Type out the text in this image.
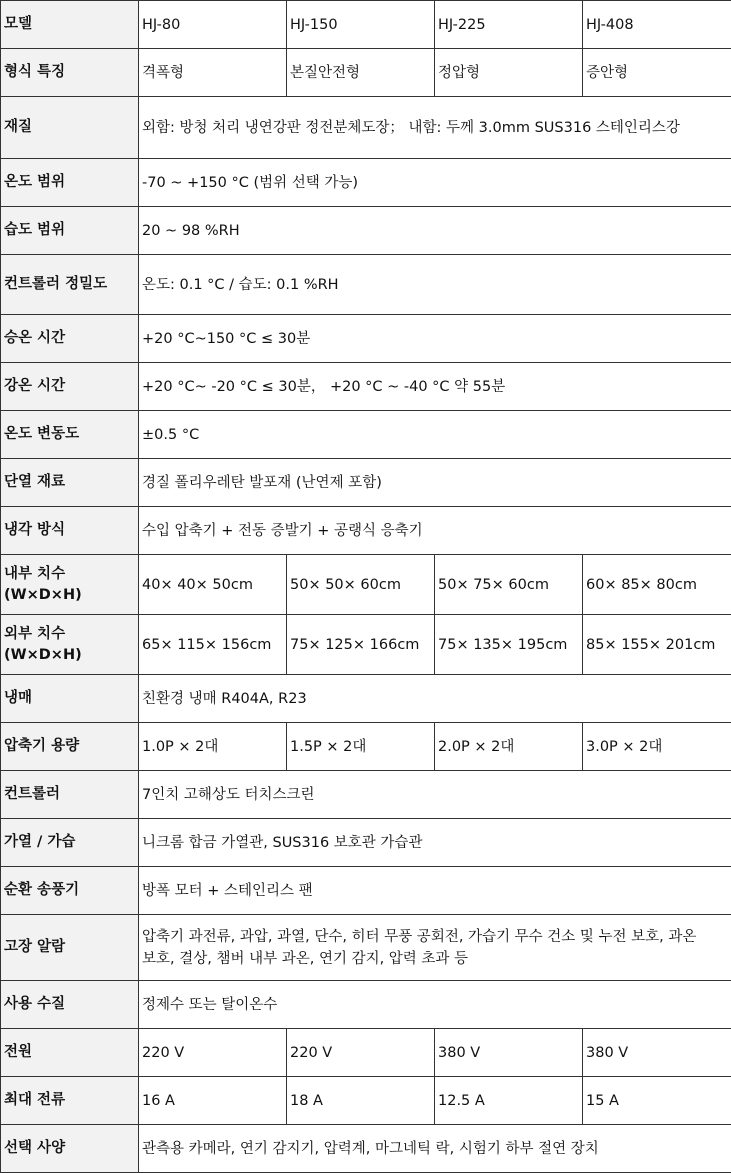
모델	HJ-80	HJ-150	HJ-225	HJ-408
형식 특징	격폭형	본질안전형	정압형	증안형
재질	외함: 방청 처리 냉연강판 정전분체도장； 내함: 두께 3.0mm SUS316 스테인리스강			
온도 범위	-70 ~ +150 °C (범위 선택 가능)			
습도 범위	20 ~ 98 %RH			
컨트롤러 정밀도	온도: 0.1 °C / 습도: 0.1 %RH			
승온 시간	+20 °C~150 °C ≤ 30분			
강온 시간	+20 °C~ -20 °C ≤ 30분， +20 °C ~ -40 °C 약 55분			
온도 변동도	±0.5 °C			
단열 재료	경질 폴리우레탄 발포재 (난연제 포함)			
냉각 방식	수입 압축기 + 전동 증발기 + 공랭식 응축기			
내부 치수 (W×D×H)	40× 40× 50cm	50× 50× 60cm	50× 75× 60cm	60× 85× 80cm
외부 치수 (W×D×H)	65× 115× 156cm	75× 125× 166cm	75× 135× 195cm	85× 155× 201cm
냉매	친환경 냉매 R404A, R23			
압축기 용량	1.0P × 2대	1.5P × 2대	2.0P × 2대	3.0P × 2대
컨트롤러	7인치 고해상도 터치스크린			
가열 / 가습	니크롬 합금 가열관, SUS316 보호관 가습관			
순환 송풍기	방폭 모터 + 스테인리스 팬			
고장 알람	압축기 과전류, 과압, 과열, 단수, 히터 무풍 공회전, 가습기 무수 건소 및 누전 보호, 과온 보호, 결상, 챔버 내부 과온, 연기 감지, 압력 초과 등			
사용 수질	정제수 또는 탈이온수			
전원	220 V	220 V	380 V	380 V
최대 전류	16 A	18 A	12.5 A	15 A
선택 사양	관측용 카메라, 연기 감지기, 압력계, 마그네틱 락, 시험기 하부 절연 장치			
